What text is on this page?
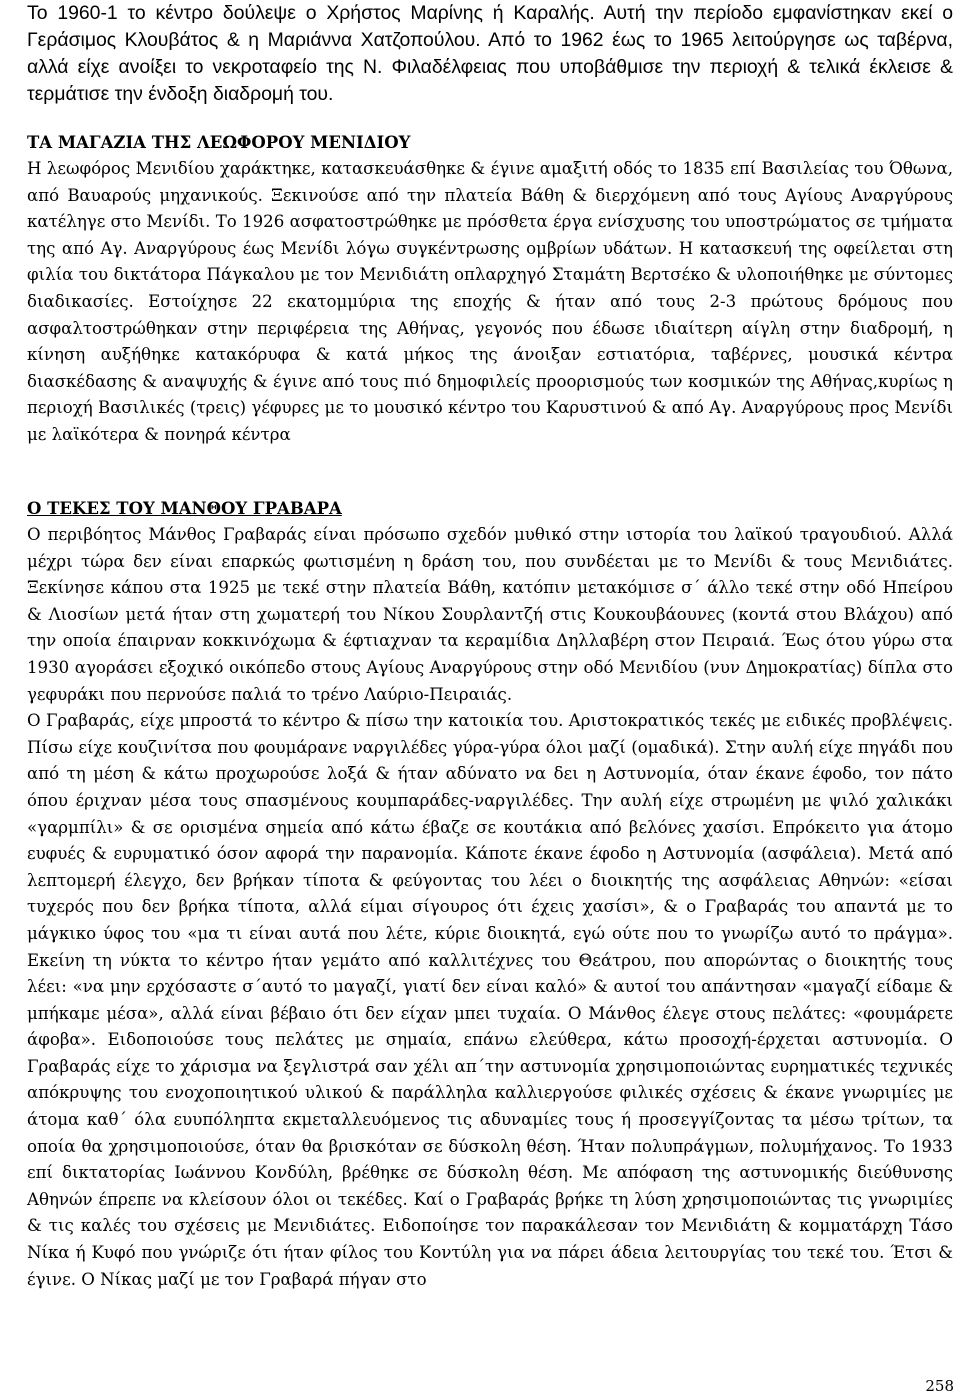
Το 1960-1 το κέντρο δούλεψε ο Χρήστος Μαρίνης ή Καραλής. Αυτή την περίοδο εμφανίστηκαν εκεί ο Γεράσιμος Κλουβάτος & η Μαριάννα Χατζοπούλου. Από το 1962 έως το 1965 λειτούργησε ως ταβέρνα, αλλά είχε ανοίξει το νεκροταφείο της Ν. Φιλαδέλφειας που υποβάθμισε την περιοχή & τελικά έκλεισε & τερμάτισε την ένδοξη διαδρομή του.

ΤΑ ΜΑΓΑΖΙΑ ΤΗΣ ΛΕΩΦΟΡΟΥ ΜΕΝΙΔΙΟΥ

Η λεωφόρος Μενιδίου χαράκτηκε, κατασκευάσθηκε & έγινε αμαξιτή οδός το 1835 επί Βασιλείας του Όθωνα, από Βαυαρούς μηχανικούς. Ξεκινούσε από την πλατεία Βάθη & διερχόμενη από τους Αγίους Αναργύρους κατέληγε στο Μενίδι. Το 1926 ασφατοστρώθηκε με πρόσθετα έργα ενίσχυσης του υποστρώματος σε τμήματα της από Αγ. Αναργύρους έως Μενίδι λόγω συγκέντρωσης ομβρίων υδάτων. Η κατασκευή της οφείλεται στη φιλία του δικτάτορα Πάγκαλου με τον Μενιδιάτη οπλαρχηγό Σταμάτη Βερτσέκο & υλοποιήθηκε με σύντομες διαδικασίες. Εστοίχησε 22 εκατομμύρια της εποχής & ήταν από τους 2-3 πρώτους δρόμους που ασφαλτοστρώθηκαν στην περιφέρεια της Αθήνας, γεγονός που έδωσε ιδιαίτερη αίγλη στην διαδρομή, η κίνηση αυξήθηκε κατακόρυφα & κατά μήκος της άνοιξαν εστιατόρια, ταβέρνες, μουσικά κέντρα διασκέδασης & αναψυχής & έγινε από τους πιό δημοφιλείς προορισμούς των κοσμικών της Αθήνας,κυρίως η περιοχή Βασιλικές (τρεις) γέφυρες με το μουσικό κέντρο του Καρυστινού & από Αγ. Αναργύρους προς Μενίδι με λαϊκότερα & πονηρά κέντρα

Ο ΤΕΚΕΣ ΤΟΥ ΜΑΝΘΟΥ ΓΡΑΒΑΡΑ

Ο περιβόητος Μάνθος Γραβαράς είναι πρόσωπο σχεδόν μυθικό στην ιστορία του λαϊκού τραγουδιού. Αλλά μέχρι τώρα δεν είναι επαρκώς φωτισμένη η δράση του, που συνδέεται με το Μενίδι & τους Μενιδιάτες. Ξεκίνησε κάπου στα 1925 με τεκέ στην πλατεία Βάθη, κατόπιν μετακόμισε σ΄ άλλο τεκέ στην οδό Ηπείρου & Λιοσίων μετά ήταν στη χωματερή του Νίκου Σουρλαντζή στις Κουκουβάουνες (κοντά στου Βλάχου) από την οποία έπαιρναν κοκκινόχωμα & έφτιαχναν τα κεραμίδια Δηλλαβέρη στον Πειραιά. Έως ότου γύρω στα 1930 αγοράσει εξοχικό οικόπεδο στους Αγίους Αναργύρους στην οδό Μενιδίου (νυν Δημοκρατίας) δίπλα στο γεφυράκι που περνούσε παλιά το τρένο Λαύριο-Πειραιάς.

Ο Γραβαράς, είχε μπροστά το κέντρο & πίσω την κατοικία του. Αριστοκρατικός τεκές με ειδικές προβλέψεις. Πίσω είχε κουζινίτσα που φουμάρανε ναργιλέδες γύρα-γύρα όλοι μαζί (ομαδικά). Στην αυλή είχε πηγάδι που από τη μέση & κάτω προχωρούσε λοξά & ήταν αδύνατο να δει η Αστυνομία, όταν έκανε έφοδο, τον πάτο όπου έριχναν μέσα τους σπασμένους κουμπαράδες-ναργιλέδες. Την αυλή είχε στρωμένη με ψιλό χαλικάκι «γαρμπίλι» & σε ορισμένα σημεία από κάτω έβαζε σε κουτάκια από βελόνες χασίσι. Επρόκειτο για άτομο ευφυές & ευρυματικό όσον αφορά την παρανομία. Κάποτε έκανε έφοδο η Αστυνομία (ασφάλεια). Μετά από λεπτομερή έλεγχο, δεν βρήκαν τίποτα & φεύγοντας του λέει ο διοικητής της ασφάλειας Αθηνών: «είσαι τυχερός που δεν βρήκα τίποτα, αλλά είμαι σίγουρος ότι έχεις χασίσι», & ο Γραβαράς του απαντά με το μάγκικο ύφος του «μα τι είναι αυτά που λέτε, κύριε διοικητά, εγώ ούτε που το γνωρίζω αυτό το πράγμα». Εκείνη τη νύκτα το κέντρο ήταν γεμάτο από καλλιτέχνες του Θεάτρου, που απορώντας ο διοικητής τους λέει: «να μην ερχόσαστε σ΄αυτό το μαγαζί, γιατί δεν είναι καλό» & αυτοί του απάντησαν «μαγαζί είδαμε & μπήκαμε μέσα», αλλά είναι βέβαιο ότι δεν είχαν μπει τυχαία. Ο Μάνθος έλεγε στους πελάτες: «φουμάρετε άφοβα». Ειδοποιούσε τους πελάτες με σημαία, επάνω ελεύθερα, κάτω προσοχή-έρχεται αστυνομία. Ο Γραβαράς είχε το χάρισμα να ξεγλιστρά σαν χέλι απ΄την αστυνομία χρησιμοποιώντας ευρηματικές τεχνικές απόκρυψης του ενοχοποιητικού υλικού & παράλληλα καλλιεργούσε φιλικές σχέσεις & έκανε γνωριμίες με άτομα καθ΄ όλα ευυπόληπτα εκμεταλλευόμενος τις αδυναμίες τους ή προσεγγίζοντας τα μέσω τρίτων, τα οποία θα χρησιμοποιούσε, όταν θα βρισκόταν σε δύσκολη θέση. Ήταν πολυπράγμων, πολυμήχανος. Το 1933 επί δικτατορίας Ιωάννου Κονδύλη, βρέθηκε σε δύσκολη θέση. Με απόφαση της αστυνομικής διεύθυνσης Αθηνών έπρεπε να κλείσουν όλοι οι τεκέδες. Καί ο Γραβαράς βρήκε τη λύση χρησιμοποιώντας τις γνωριμίες & τις καλές του σχέσεις με Μενιδιάτες. Ειδοποίησε τον παρακάλεσαν τον Μενιδιάτη & κομματάρχη Τάσο Νίκα ή Κυφό που γνώριζε ότι ήταν φίλος του Κοντύλη για να πάρει άδεια λειτουργίας του τεκέ του. Έτσι & έγινε. Ο Νίκας μαζί με τον Γραβαρά πήγαν στο

258
